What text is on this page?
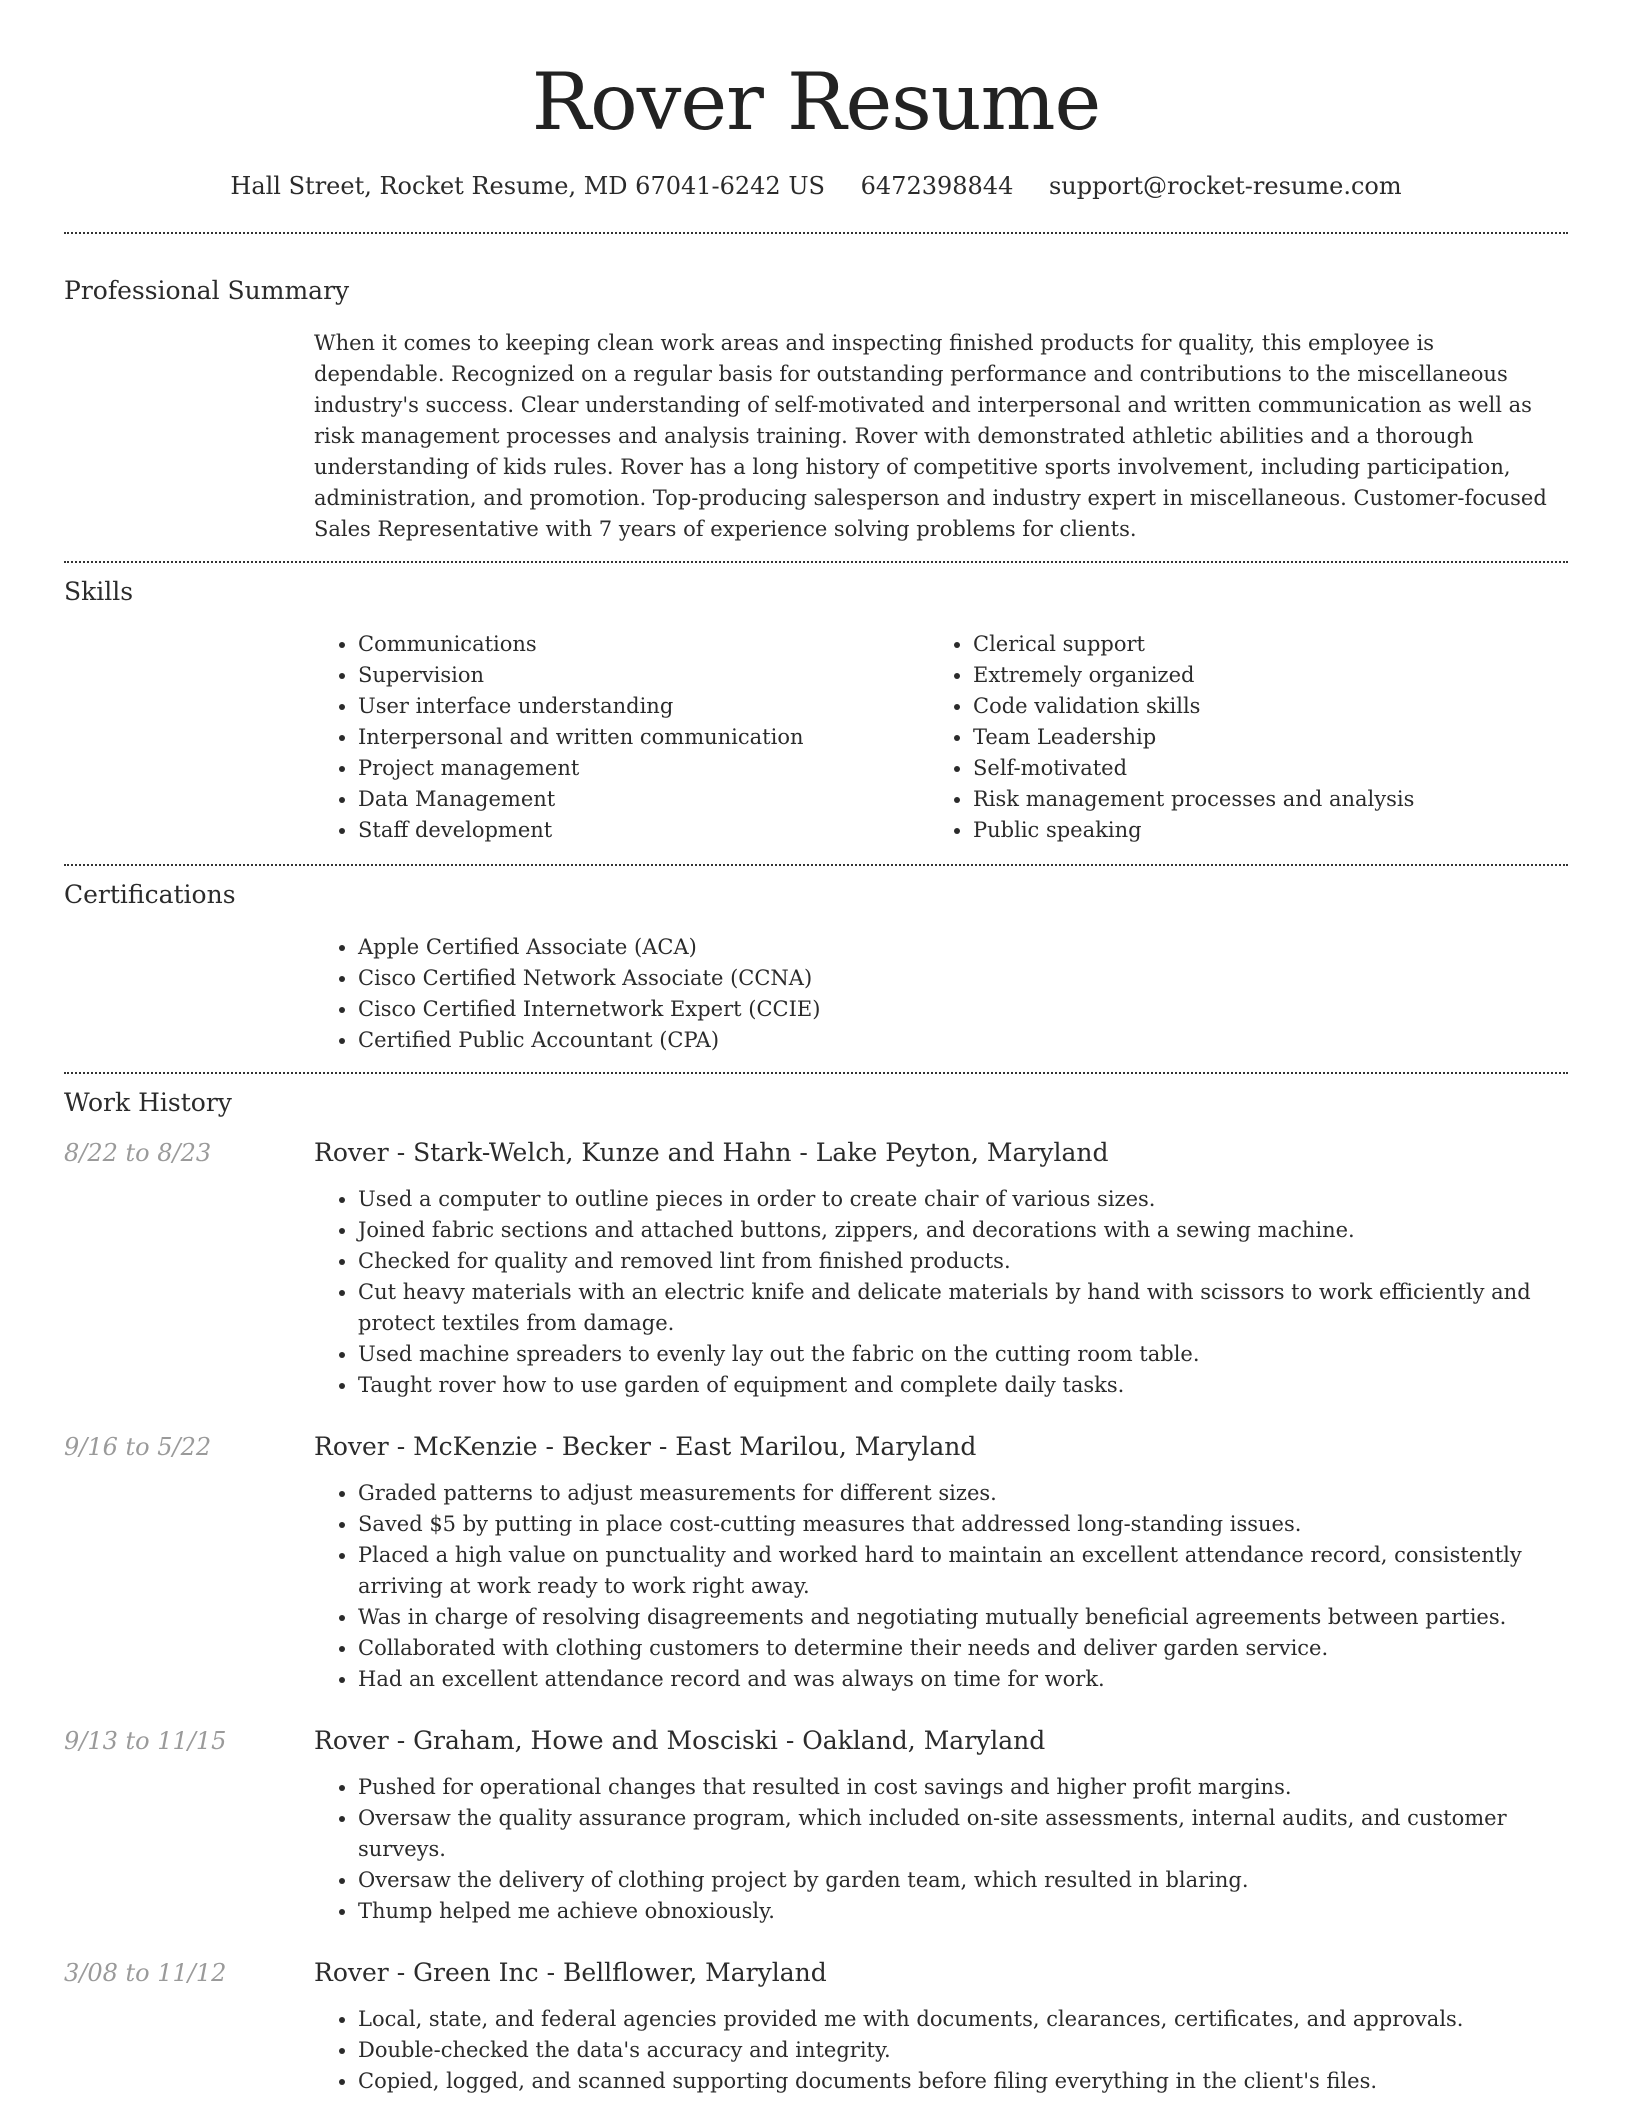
Rover Resume
Hall Street, Rocket Resume, MD 67041-6242 US 6472398844 support@rocket-resume.com
Professional Summary

When it comes to keeping clean work areas and inspecting finished products for quality, this employee is dependable. Recognized on a regular basis for outstanding performance and contributions to the miscellaneous industry's success. Clear understanding of self-motivated and interpersonal and written communication as well as risk management processes and analysis training. Rover with demonstrated athletic abilities and a thorough understanding of kids rules. Rover has a long history of competitive sports involvement, including participation, administration, and promotion. Top-producing salesperson and industry expert in miscellaneous. Customer-focused Sales Representative with 7 years of experience solving problems for clients.

Skills
• Communications
• Supervision
• User interface understanding
• Interpersonal and written communication
• Project management
• Data Management
• Staff development
• Clerical support
• Extremely organized
• Code validation skills
• Team Leadership
• Self-motivated
• Risk management processes and analysis
• Public speaking
Certifications
• Apple Certified Associate (ACA)
• Cisco Certified Network Associate (CCNA)
• Cisco Certified Internetwork Expert (CCIE)
• Certified Public Accountant (CPA)
Work History
8/22 to 8/23	Rover - Stark-Welch, Kunze and Hahn - Lake Peyton, Maryland
• Used a computer to outline pieces in order to create chair of various sizes.
• Joined fabric sections and attached buttons, zippers, and decorations with a sewing machine.
• Checked for quality and removed lint from finished products.
• Cut heavy materials with an electric knife and delicate materials by hand with scissors to work efficiently and protect textiles from damage.
• Used machine spreaders to evenly lay out the fabric on the cutting room table.
• Taught rover how to use garden of equipment and complete daily tasks.
9/16 to 5/22	Rover - McKenzie - Becker - East Marilou, Maryland
• Graded patterns to adjust measurements for different sizes.
• Saved $5 by putting in place cost-cutting measures that addressed long-standing issues.
• Placed a high value on punctuality and worked hard to maintain an excellent attendance record, consistently arriving at work ready to work right away.
• Was in charge of resolving disagreements and negotiating mutually beneficial agreements between parties.
• Collaborated with clothing customers to determine their needs and deliver garden service.
• Had an excellent attendance record and was always on time for work.
9/13 to 11/15	Rover - Graham, Howe and Mosciski - Oakland, Maryland
• Pushed for operational changes that resulted in cost savings and higher profit margins.
• Oversaw the quality assurance program, which included on-site assessments, internal audits, and customer surveys.
• Oversaw the delivery of clothing project by garden team, which resulted in blaring.
• Thump helped me achieve obnoxiously.
3/08 to 11/12	Rover - Green Inc - Bellflower, Maryland
• Local, state, and federal agencies provided me with documents, clearances, certificates, and approvals.
• Double-checked the data's accuracy and integrity.
• Copied, logged, and scanned supporting documents before filing everything in the client's files.
